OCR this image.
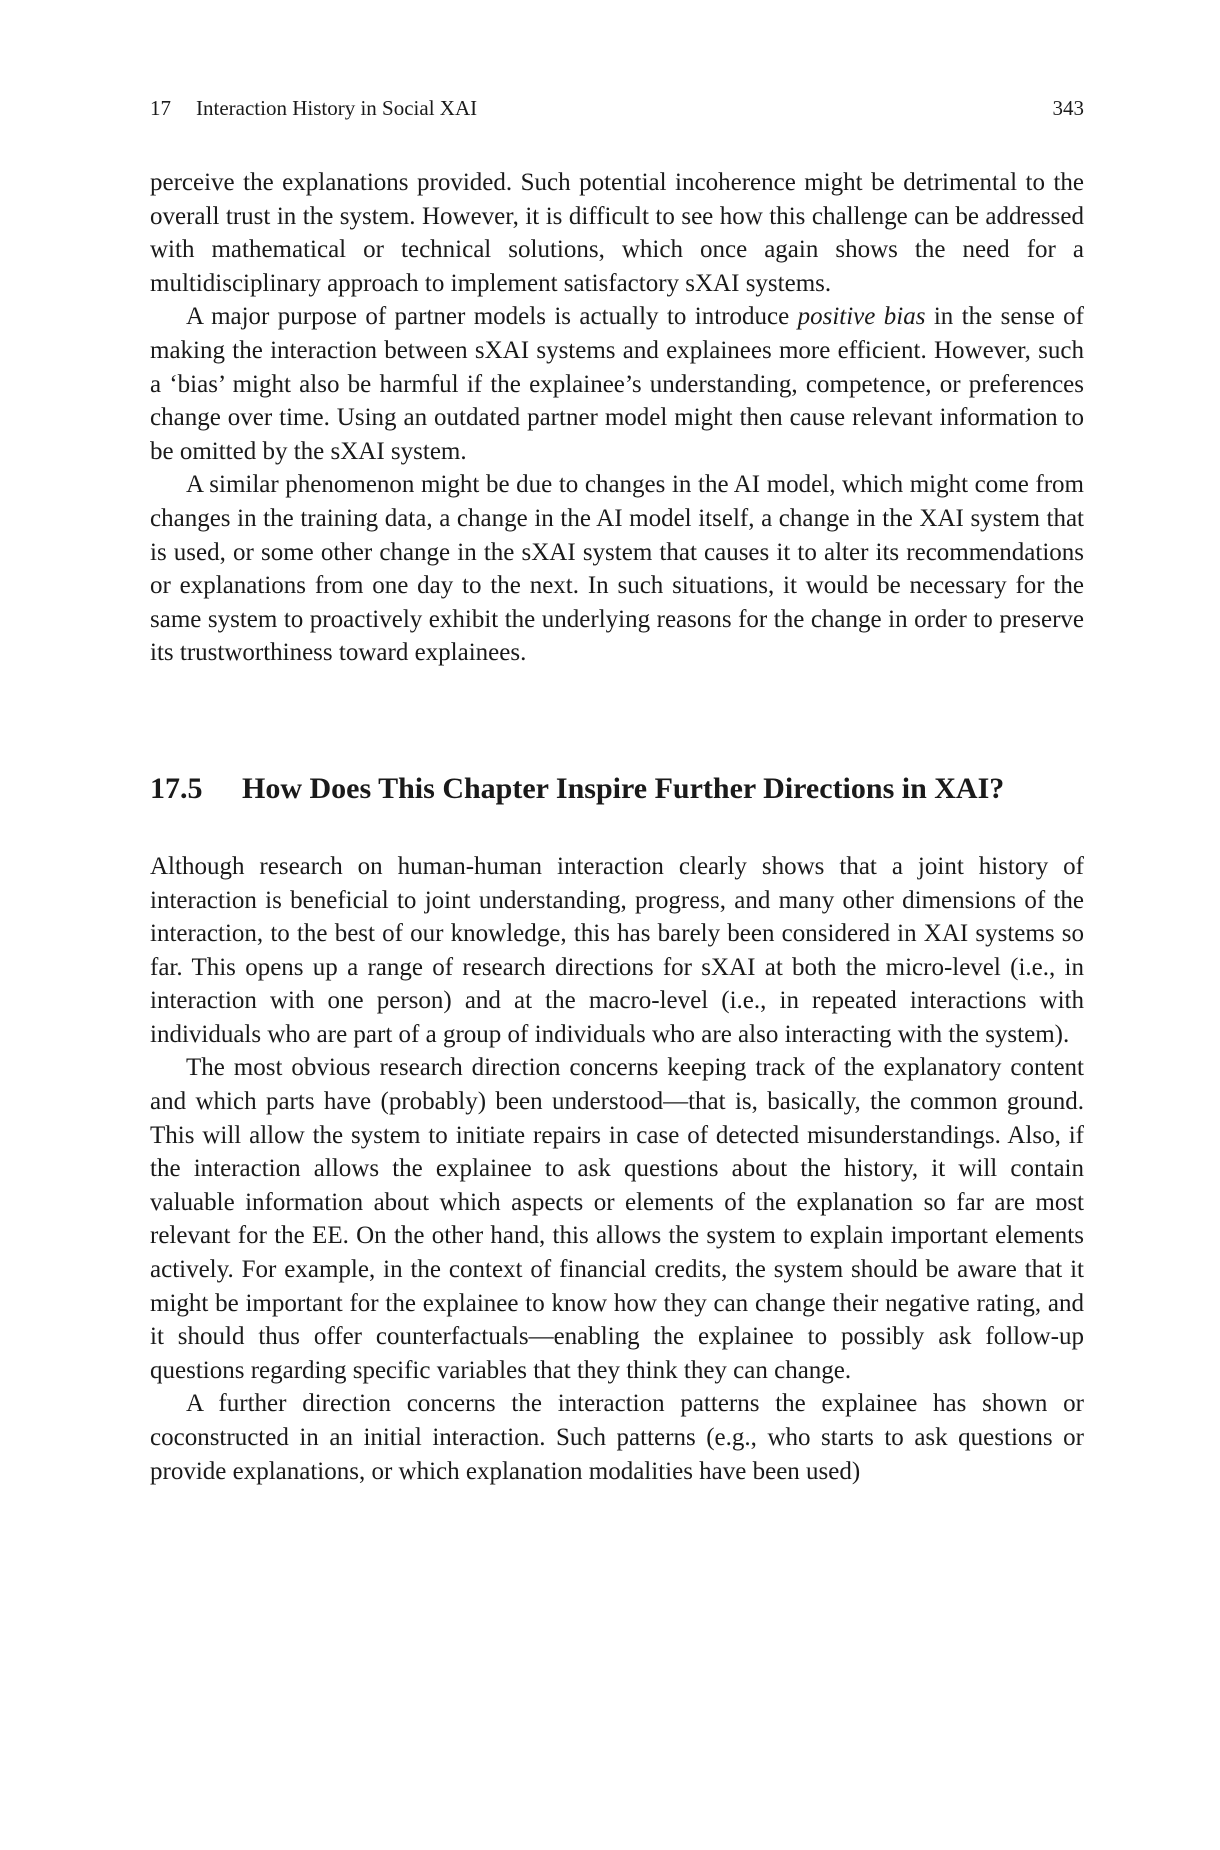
17 Interaction History in Social XAI	343

perceive the explanations provided. Such potential incoherence might be detrimental to the overall trust in the system. However, it is difficult to see how this challenge can be addressed with mathematical or technical solutions, which once again shows the need for a multidisciplinary approach to implement satisfactory sXAI systems.

A major purpose of partner models is actually to introduce positive bias in the sense of making the interaction between sXAI systems and explainees more efficient. However, such a ‘bias’ might also be harmful if the explainee’s understanding, competence, or preferences change over time. Using an outdated partner model might then cause relevant information to be omitted by the sXAI system.

A similar phenomenon might be due to changes in the AI model, which might come from changes in the training data, a change in the AI model itself, a change in the XAI system that is used, or some other change in the sXAI system that causes it to alter its recommendations or explanations from one day to the next. In such situations, it would be necessary for the same system to proactively exhibit the underlying reasons for the change in order to preserve its trustworthiness toward explainees.

17.5	How Does This Chapter Inspire Further Directions in XAI?

Although research on human-human interaction clearly shows that a joint history of interaction is beneficial to joint understanding, progress, and many other dimensions of the interaction, to the best of our knowledge, this has barely been considered in XAI systems so far. This opens up a range of research directions for sXAI at both the micro-level (i.e., in interaction with one person) and at the macro-level (i.e., in repeated interactions with individuals who are part of a group of individuals who are also interacting with the system).

The most obvious research direction concerns keeping track of the explanatory content and which parts have (probably) been understood—that is, basically, the common ground. This will allow the system to initiate repairs in case of detected misunderstandings. Also, if the interaction allows the explainee to ask questions about the history, it will contain valuable information about which aspects or elements of the explanation so far are most relevant for the EE. On the other hand, this allows the system to explain important elements actively. For example, in the context of financial credits, the system should be aware that it might be important for the explainee to know how they can change their negative rating, and it should thus offer counterfactuals—enabling the explainee to possibly ask follow-up questions regarding specific variables that they think they can change.

A further direction concerns the interaction patterns the explainee has shown or coconstructed in an initial interaction. Such patterns (e.g., who starts to ask questions or provide explanations, or which explanation modalities have been used)
